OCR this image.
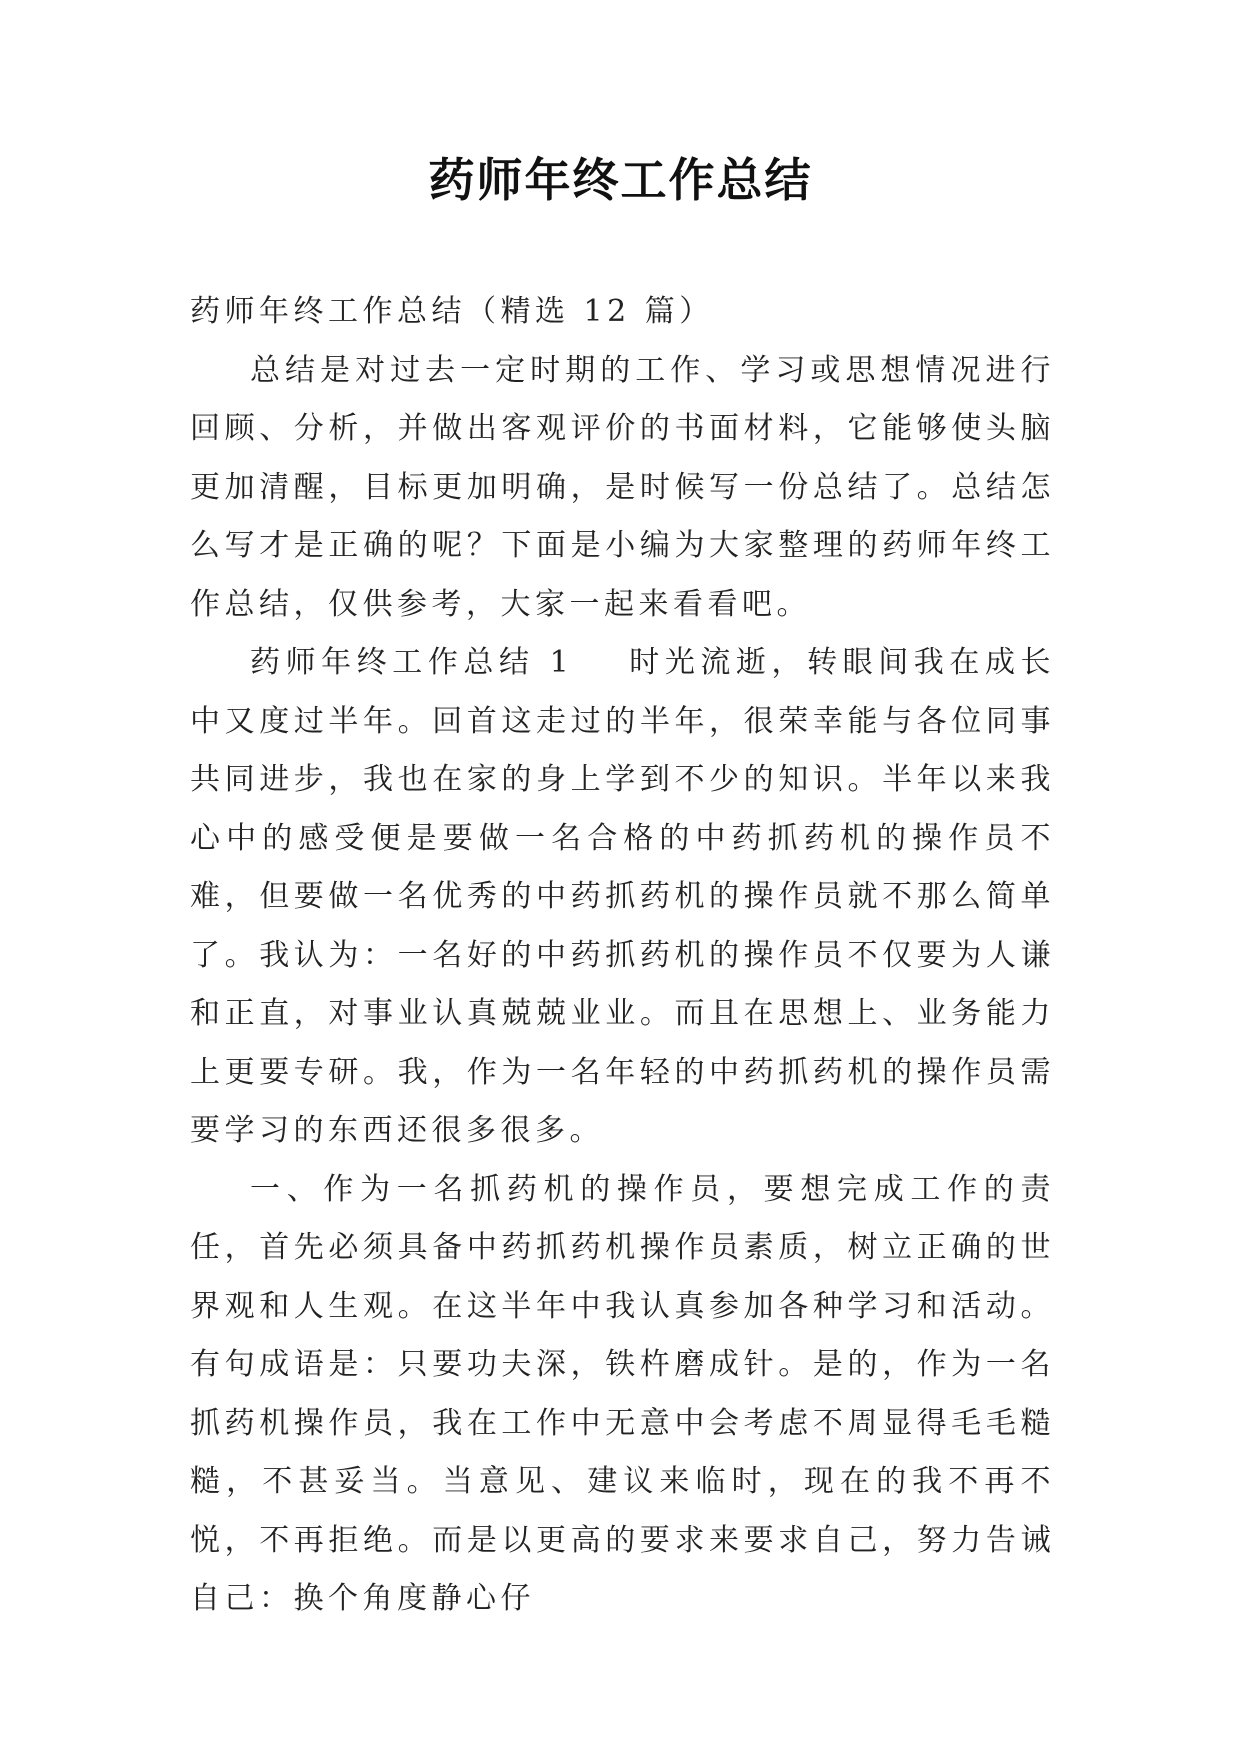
药师年终工作总结

药师年终工作总结（精选 12 篇）

总结是对过去一定时期的工作、学习或思想情况进行回顾、分析，并做出客观评价的书面材料，它能够使头脑更加清醒，目标更加明确，是时候写一份总结了。总结怎么写才是正确的呢？下面是小编为大家整理的药师年终工作总结，仅供参考，大家一起来看看吧。

药师年终工作总结 1 时光流逝，转眼间我在成长中又度过半年。回首这走过的半年，很荣幸能与各位同事共同进步，我也在家的身上学到不少的知识。半年以来我心中的感受便是要做一名合格的中药抓药机的操作员不难，但要做一名优秀的中药抓药机的操作员就不那么简单了。我认为：一名好的中药抓药机的操作员不仅要为人谦和正直，对事业认真兢兢业业。而且在思想上、业务能力上更要专研。我，作为一名年轻的中药抓药机的操作员需要学习的东西还很多很多。

一、作为一名抓药机的操作员，要想完成工作的责任，首先必须具备中药抓药机操作员素质，树立正确的世界观和人生观。在这半年中我认真参加各种学习和活动。有句成语是：只要功夫深，铁杵磨成针。是的，作为一名抓药机操作员，我在工作中无意中会考虑不周显得毛毛糙糙，不甚妥当。当意见、建议来临时，现在的我不再不悦，不再拒绝。而是以更高的要求来要求自己，努力告诫自己：换个角度静心仔
